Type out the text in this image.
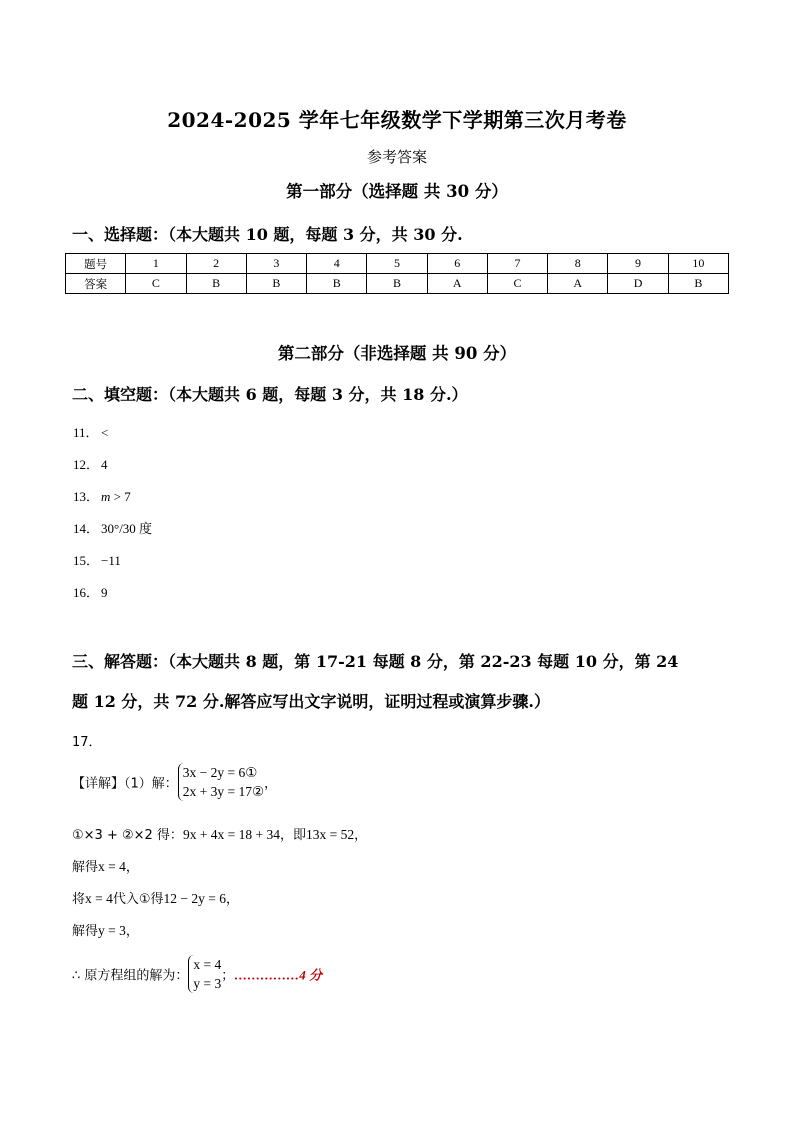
2024-2025 学年七年级数学下学期第三次月考卷
参考答案
第一部分（选择题 共 30 分）
一、选择题：（本大题共 10 题，每题 3 分，共 30 分.
题号	1	2	3	4	5	6	7	8	9	10
答案	C	B	B	B	B	A	C	A	D	B
第二部分（非选择题 共 90 分）
二、填空题：（本大题共 6 题，每题 3 分，共 18 分.）
11． <
12． 4
13． m > 7
14． 30°/30 度
15． −11
16． 9
三、解答题：（本大题共 8 题，第 17-21 每题 8 分，第 22-23 每题 10 分，第 24
题 12 分，共 72 分.解答应写出文字说明，证明过程或演算步骤.）
17．
【详解】（1）解：3x − 2y = 6①
2x + 3y = 17②，
①×3 + ②×2 得：9x + 4x = 18 + 34，即13x = 52，
解得x = 4，
将x = 4代入①得12 − 2y = 6，
解得y = 3，
∴ 原方程组的解为：x = 4
y = 3；……………4 分
